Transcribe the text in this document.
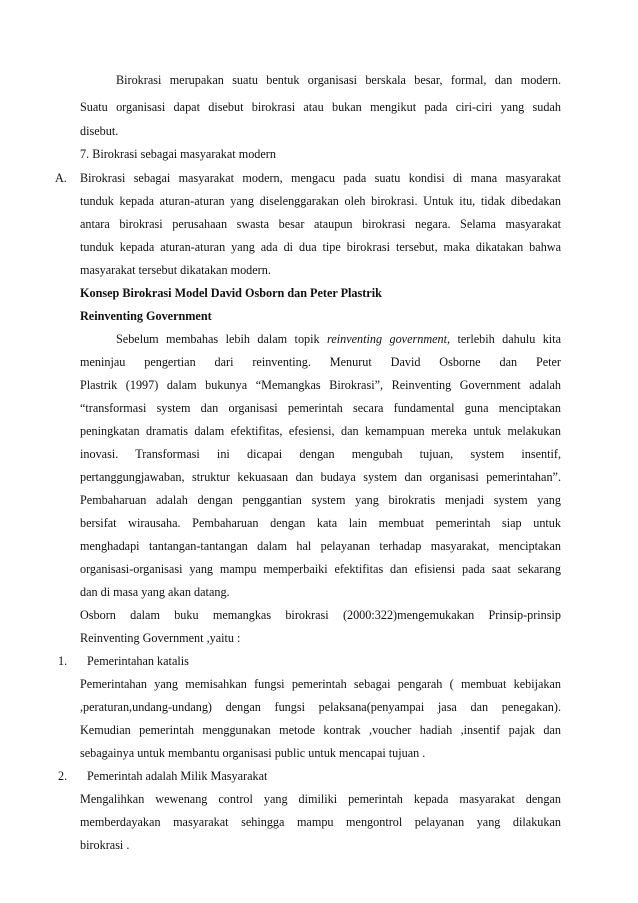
Birokrasi merupakan suatu bentuk organisasi berskala besar, formal, dan modern.
Suatu organisasi dapat disebut birokrasi atau bukan mengikut pada ciri-ciri yang sudah
disebut.
7. Birokrasi sebagai masyarakat modern
A. Birokrasi sebagai masyarakat modern, mengacu pada suatu kondisi di mana masyarakat
tunduk kepada aturan-aturan yang diselenggarakan oleh birokrasi. Untuk itu, tidak dibedakan
antara birokrasi perusahaan swasta besar ataupun birokrasi negara. Selama masyarakat
tunduk kepada aturan-aturan yang ada di dua tipe birokrasi tersebut, maka dikatakan bahwa
masyarakat tersebut dikatakan modern.
Konsep Birokrasi Model David Osborn dan Peter Plastrik
Reinventing Government
Sebelum membahas lebih dalam topik reinventing government, terlebih dahulu kita
meninjau pengertian dari reinventing. Menurut David Osborne dan Peter
Plastrik (1997) dalam bukunya “Memangkas Birokrasi”, Reinventing Government adalah
“transformasi system dan organisasi pemerintah secara fundamental guna menciptakan
peningkatan dramatis dalam efektifitas, efesiensi, dan kemampuan mereka untuk melakukan
inovasi. Transformasi ini dicapai dengan mengubah tujuan, system insentif,
pertanggungjawaban, struktur kekuasaan dan budaya system dan organisasi pemerintahan”.
Pembaharuan adalah dengan penggantian system yang birokratis menjadi system yang
bersifat wirausaha. Pembaharuan dengan kata lain membuat pemerintah siap untuk
menghadapi tantangan-tantangan dalam hal pelayanan terhadap masyarakat, menciptakan
organisasi-organisasi yang mampu memperbaiki efektifitas dan efisiensi pada saat sekarang
dan di masa yang akan datang.
Osborn dalam buku memangkas birokrasi (2000:322)mengemukakan Prinsip-prinsip
Reinventing Government ,yaitu :
1. Pemerintahan katalis
Pemerintahan yang memisahkan fungsi pemerintah sebagai pengarah ( membuat kebijakan
,peraturan,undang-undang) dengan fungsi pelaksana(penyampai jasa dan penegakan).
Kemudian pemerintah menggunakan metode kontrak ,voucher hadiah ,insentif pajak dan
sebagainya untuk membantu organisasi public untuk mencapai tujuan .
2. Pemerintah adalah Milik Masyarakat
Mengalihkan wewenang control yang dimiliki pemerintah kepada masyarakat dengan
memberdayakan masyarakat sehingga mampu mengontrol pelayanan yang dilakukan
birokrasi .
